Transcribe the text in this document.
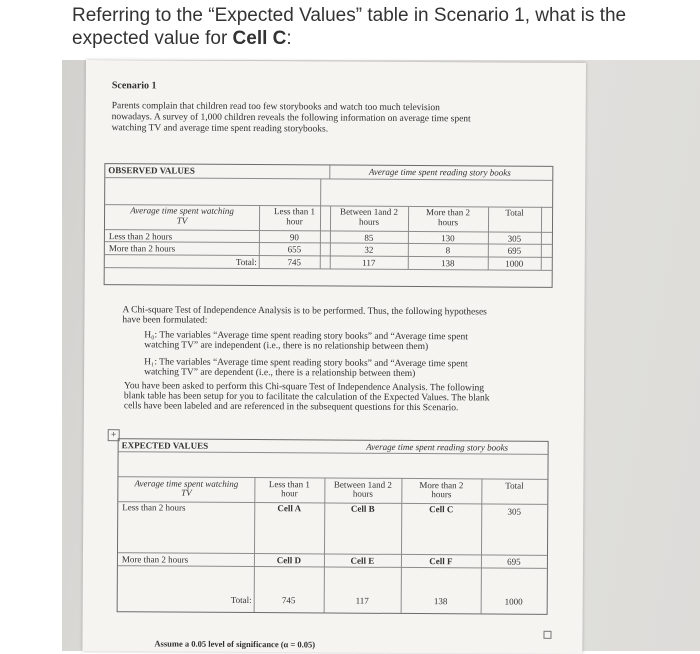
Referring to the “Expected Values” table in Scenario 1, what is the expected value for Cell C:
Scenario 1
Parents complain that children read too few storybooks and watch too much television
nowadays. A survey of 1,000 children reveals the following information on average time spent
watching TV and average time spent reading storybooks.
OBSERVED VALUES	Average time spent reading story books
Average time spent watching
TV
Less than 1
hour
Between 1and 2
hours
More than 2
hours
Total
Less than 2 hours	90	85	130	305
More than 2 hours	655	32	8	695
Total:	745	117	138	1000
A Chi-square Test of Independence Analysis is to be performed. Thus, the following hypotheses
have been formulated:
H₀: The variables “Average time spent reading story books” and “Average time spent
watching TV” are independent (i.e., there is no relationship between them)
H₁: The variables “Average time spent reading story books” and “Average time spent
watching TV” are dependent (i.e., there is a relationship between them)
You have been asked to perform this Chi-square Test of Independence Analysis. The following
blank table has been setup for you to facilitate the calculation of the Expected Values. The blank
cells have been labeled and are referenced in the subsequent questions for this Scenario.
+
EXPECTED VALUES	Average time spent reading story books
Average time spent watching
TV
Less than 1
hour
Between 1and 2
hours
More than 2
hours
Total
Less than 2 hours	Cell A	Cell B	Cell C	305
More than 2 hours	Cell D	Cell E	Cell F	695
Total:	745	117	138	1000
Assume a 0.05 level of significance (α = 0.05)
